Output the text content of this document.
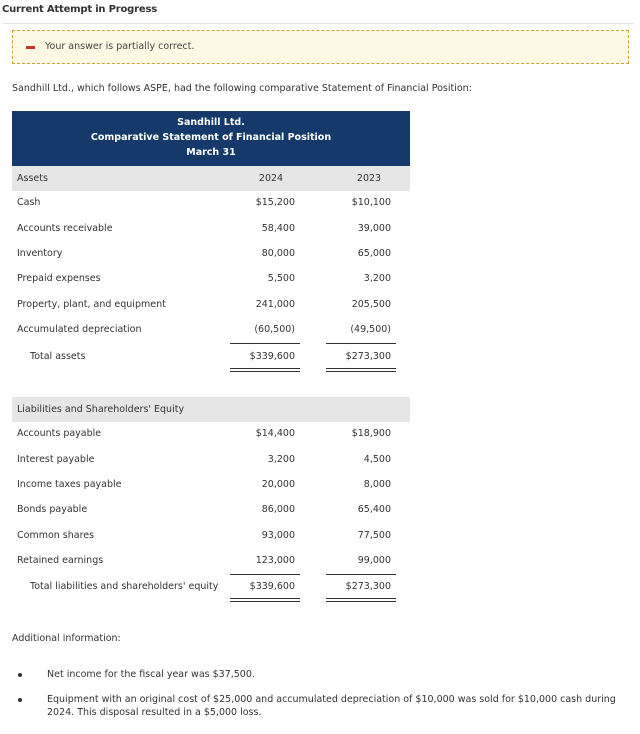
Current Attempt in Progress
Your answer is partially correct.
Sandhill Ltd., which follows ASPE, had the following comparative Statement of Financial Position:
Sandhill Ltd.
Comparative Statement of Financial Position
March 31
Assets	2024	2023
Cash	$15,200	$10,100
Accounts receivable	58,400	39,000
Inventory	80,000	65,000
Prepaid expenses	5,500	3,200
Property, plant, and equipment	241,000	205,500
Accumulated depreciation	(60,500)	(49,500)
Total assets	$339,600	$273,300
Liabilities and Shareholders' Equity
Accounts payable	$14,400	$18,900
Interest payable	3,200	4,500
Income taxes payable	20,000	8,000
Bonds payable	86,000	65,400
Common shares	93,000	77,500
Retained earnings	123,000	99,000
Total liabilities and shareholders' equity	$339,600	$273,300
Additional information:
Net income for the fiscal year was $37,500.
Equipment with an original cost of $25,000 and accumulated depreciation of $10,000 was sold for $10,000 cash during 2024. This disposal resulted in a $5,000 loss.
